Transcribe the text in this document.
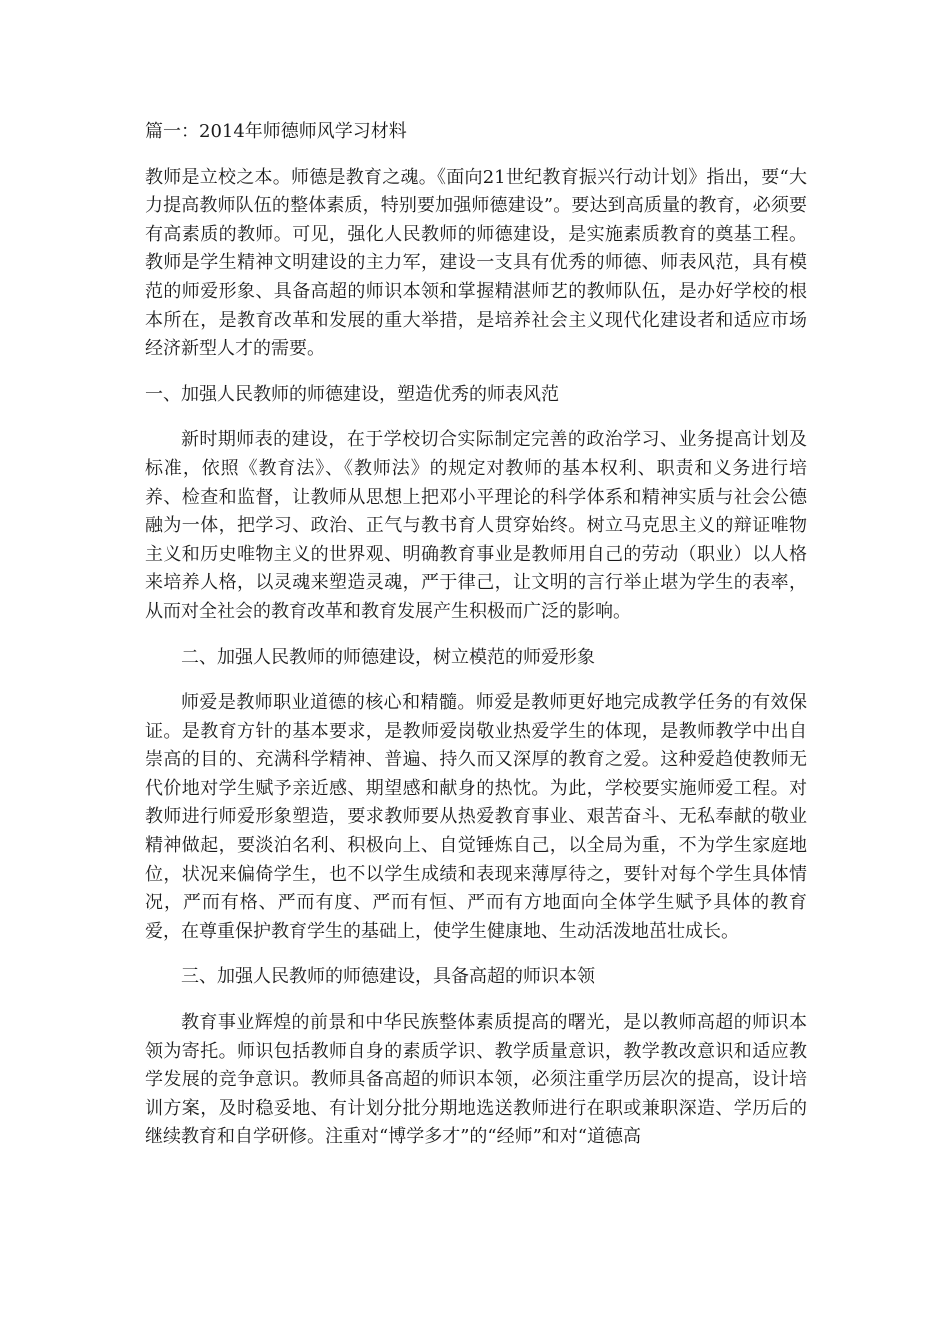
篇一：2014年师德师风学习材料

教师是立校之本。师德是教育之魂。《面向21世纪教育振兴行动计划》指出，要“大力提高教师队伍的整体素质，特别要加强师德建设”。要达到高质量的教育，必须要有高素质的教师。可见，强化人民教师的师德建设，是实施素质教育的奠基工程。教师是学生精神文明建设的主力军，建设一支具有优秀的师德、师表风范，具有模范的师爱形象、具备高超的师识本领和掌握精湛师艺的教师队伍，是办好学校的根本所在，是教育改革和发展的重大举措，是培养社会主义现代化建设者和适应市场经济新型人才的需要。

一、加强人民教师的师德建设，塑造优秀的师表风范

新时期师表的建设，在于学校切合实际制定完善的政治学习、业务提高计划及标准，依照《教育法》、《教师法》的规定对教师的基本权利、职责和义务进行培养、检查和监督，让教师从思想上把邓小平理论的科学体系和精神实质与社会公德融为一体，把学习、政治、正气与教书育人贯穿始终。树立马克思主义的辩证唯物主义和历史唯物主义的世界观、明确教育事业是教师用自己的劳动（职业）以人格来培养人格，以灵魂来塑造灵魂，严于律己，让文明的言行举止堪为学生的表率，从而对全社会的教育改革和教育发展产生积极而广泛的影响。

二、加强人民教师的师德建设，树立模范的师爱形象

师爱是教师职业道德的核心和精髓。师爱是教师更好地完成教学任务的有效保证。是教育方针的基本要求，是教师爱岗敬业热爱学生的体现，是教师教学中出自崇高的目的、充满科学精神、普遍、持久而又深厚的教育之爱。这种爱趋使教师无代价地对学生赋予亲近感、期望感和献身的热忱。为此，学校要实施师爱工程。对教师进行师爱形象塑造，要求教师要从热爱教育事业、艰苦奋斗、无私奉献的敬业精神做起，要淡泊名利、积极向上、自觉锤炼自己，以全局为重，不为学生家庭地位，状况来偏倚学生，也不以学生成绩和表现来薄厚待之，要针对每个学生具体情况，严而有格、严而有度、严而有恒、严而有方地面向全体学生赋予具体的教育爱，在尊重保护教育学生的基础上，使学生健康地、生动活泼地茁壮成长。

三、加强人民教师的师德建设，具备高超的师识本领

教育事业辉煌的前景和中华民族整体素质提高的曙光，是以教师高超的师识本领为寄托。师识包括教师自身的素质学识、教学质量意识，教学教改意识和适应教学发展的竞争意识。教师具备高超的师识本领，必须注重学历层次的提高，设计培训方案，及时稳妥地、有计划分批分期地选送教师进行在职或兼职深造、学历后的继续教育和自学研修。注重对“博学多才”的“经师”和对“道德高
